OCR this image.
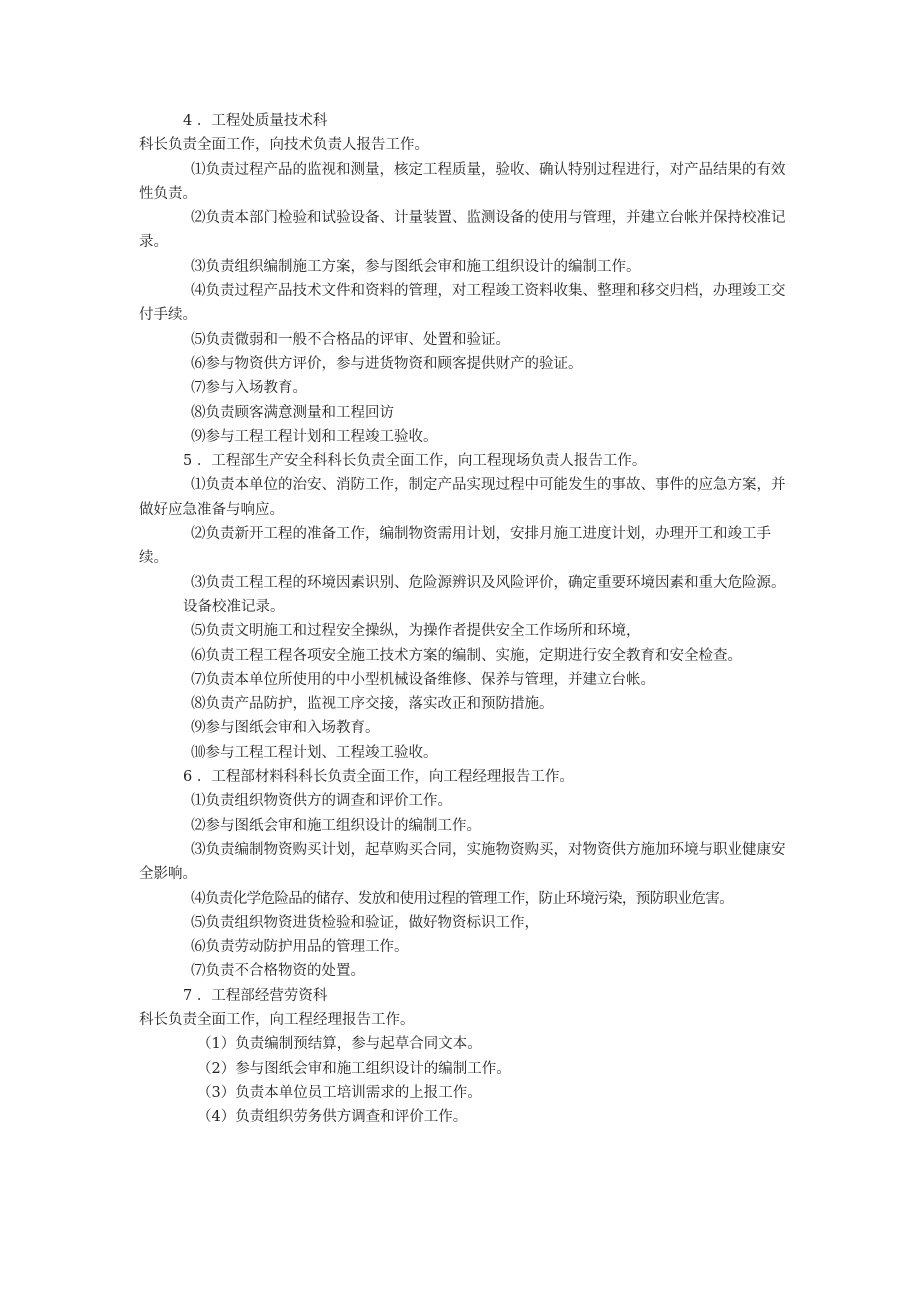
4 ．工程处质量技术科

科长负责全面工作，向技术负责人报告工作。

⑴负责过程产品的监视和测量，核定工程质量，验收、确认特别过程进行，对产品结果的有效性负责。

⑵负责本部门检验和试验设备、计量装置、监测设备的使用与管理，并建立台帐并保持校准记录。

⑶负责组织编制施工方案，参与图纸会审和施工组织设计的编制工作。

⑷负责过程产品技术文件和资料的管理，对工程竣工资料收集、整理和移交归档，办理竣工交付手续。

⑸负责微弱和一般不合格品的评审、处置和验证。

⑹参与物资供方评价，参与进货物资和顾客提供财产的验证。

⑺参与入场教育。

⑻负责顾客满意测量和工程回访

⑼参与工程工程计划和工程竣工验收。

5 ．工程部生产安全科科长负责全面工作，向工程现场负责人报告工作。

⑴负责本单位的治安、消防工作，制定产品实现过程中可能发生的事故、事件的应急方案，并做好应急准备与响应。

⑵负责新开工程的准备工作，编制物资需用计划，安排月施工进度计划，办理开工和竣工手续。

⑶负责工程工程的环境因素识别、危险源辨识及风险评价，确定重要环境因素和重大危险源。

设备校准记录。

⑸负责文明施工和过程安全操纵，为操作者提供安全工作场所和环境，

⑹负责工程工程各项安全施工技术方案的编制、实施，定期进行安全教育和安全检查。

⑺负责本单位所使用的中小型机械设备维修、保养与管理，并建立台帐。

⑻负责产品防护，监视工序交接，落实改正和预防措施。

⑼参与图纸会审和入场教育。

⑽参与工程工程计划、工程竣工验收。

6 ．工程部材料科科长负责全面工作，向工程经理报告工作。

⑴负责组织物资供方的调查和评价工作。

⑵参与图纸会审和施工组织设计的编制工作。

⑶负责编制物资购买计划，起草购买合同，实施物资购买，对物资供方施加环境与职业健康安全影响。

⑷负责化学危险品的储存、发放和使用过程的管理工作，防止环境污染，预防职业危害。

⑸负责组织物资进货检验和验证，做好物资标识工作，

⑹负责劳动防护用品的管理工作。

⑺负责不合格物资的处置。

7 ．工程部经营劳资科

科长负责全面工作，向工程经理报告工作。

（1）负责编制预结算，参与起草合同文本。

（2）参与图纸会审和施工组织设计的编制工作。

（3）负责本单位员工培训需求的上报工作。

（4）负责组织劳务供方调查和评价工作。
